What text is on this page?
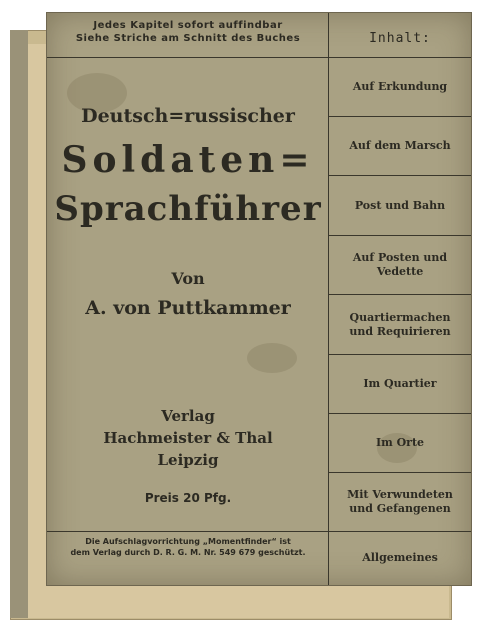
Jedes Kapitel sofort auffindbar
Siehe Striche am Schnitt des Buches	Inhalt:
Deutsch=russischer
Soldaten=
Sprachführer
Von
A. von Puttkammer
Verlag
Hachmeister & Thal
Leipzig
Preis 20 Pfg.
Die Aufschlagvorrichtung „Momentfinder“ ist
dem Verlag durch D. R. G. M. Nr. 549 679 geschützt.
Auf Erkundung
Auf dem Marsch
Post und Bahn
Auf Posten und
Vedette
Quartiermachen
und Requirieren
Im Quartier
Im Orte
Mit Verwundeten
und Gefangenen
Allgemeines
